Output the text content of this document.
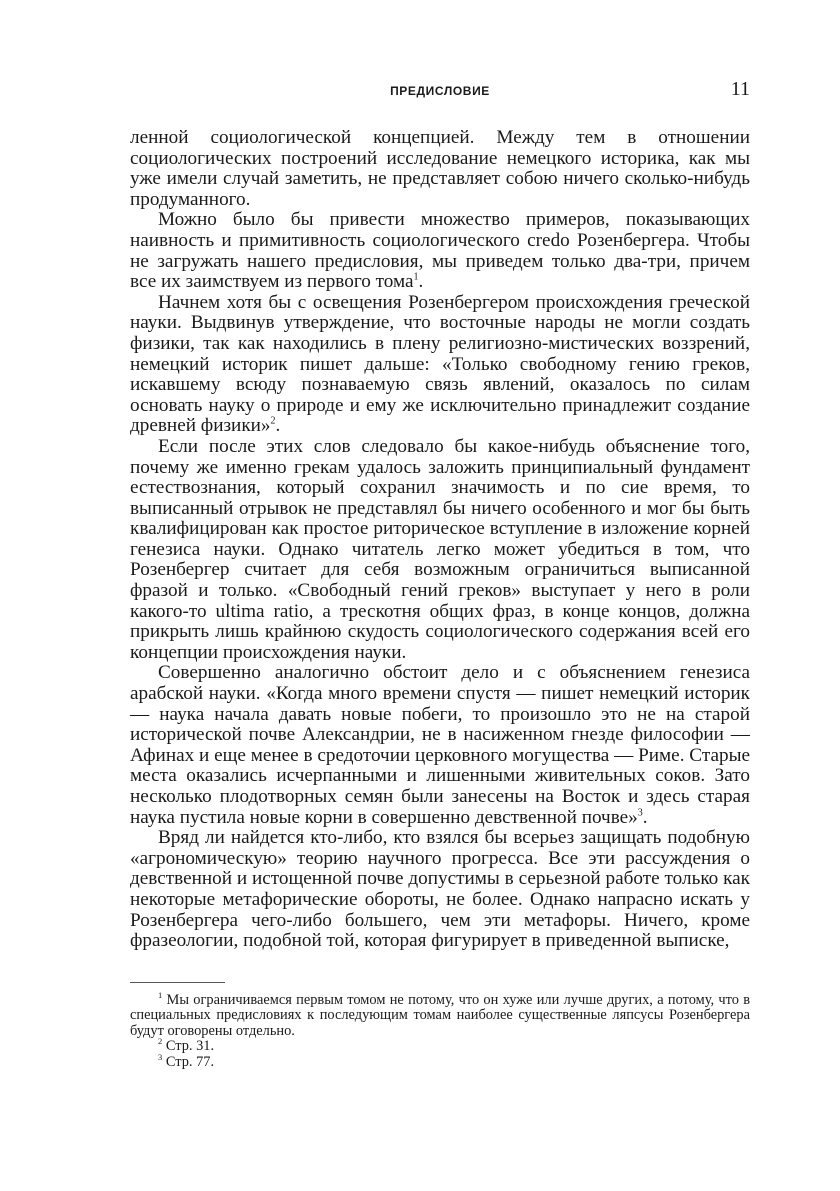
ПРЕДИСЛОВИЕ	11

ленной социологической концепцией. Между тем в отношении социологических построений исследование немецкого историка, как мы уже имели случай заметить, не представляет собою ничего сколько-нибудь продуманного.

Можно было бы привести множество примеров, показывающих наивность и примитивность социологического credo Розенбергера. Чтобы не загружать нашего предисловия, мы приведем только два-три, причем все их заимствуем из первого тома$^1$.

Начнем хотя бы с освещения Розенбергером происхождения греческой науки. Выдвинув утверждение, что восточные народы не могли создать физики, так как находились в плену религиозно-мистических воззрений, немецкий историк пишет дальше: «Только свободному гению греков, искавшему всюду познаваемую связь явлений, оказалось по силам основать науку о природе и ему же исключительно принадлежит создание древней физики»$^2$.

Если после этих слов следовало бы какое-нибудь объяснение того, почему же именно грекам удалось заложить принципиальный фундамент естествознания, который сохранил значимость и по сие время, то выписанный отрывок не представлял бы ничего особенного и мог бы быть квалифицирован как простое риторическое вступление в изложение корней генезиса науки. Однако читатель легко может убедиться в том, что Розенбергер считает для себя возможным ограничиться выписанной фразой и только. «Свободный гений греков» выступает у него в роли какого-то ultima ratio, а трескотня общих фраз, в конце концов, должна прикрыть лишь крайнюю скудость социологического содержания всей его концепции происхождения науки.

Совершенно аналогично обстоит дело и с объяснением генезиса арабской науки. «Когда много времени спустя — пишет немецкий историк — наука начала давать новые побеги, то произошло это не на старой исторической почве Александрии, не в насиженном гнезде философии — Афинах и еще менее в средоточии церковного могущества — Риме. Старые места оказались исчерпанными и лишенными живительных соков. Зато несколько плодотворных семян были занесены на Восток и здесь старая наука пустила новые корни в совершенно девственной почве»$^3$.

Вряд ли найдется кто-либо, кто взялся бы всерьез защищать подобную «агрономическую» теорию научного прогресса. Все эти рассуждения о девственной и истощенной почве допустимы в серьезной работе только как некоторые метафорические обороты, не более. Однако напрасно искать у Розенбергера чего-либо большего, чем эти метафоры. Ничего, кроме фразеологии, подобной той, которая фигурирует в приведенной выписке,

$^1$ Мы ограничиваемся первым томом не потому, что он хуже или лучше других, а потому, что в специальных предисловиях к последующим томам наиболее существенные ляпсусы Розенбергера будут оговорены отдельно.

$^2$ Стр. 31.

$^3$ Стр. 77.
